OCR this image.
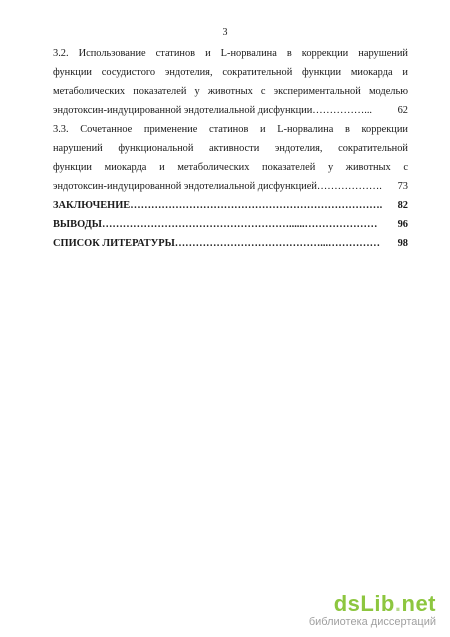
3
3.2. Использование статинов и L-норвалина в коррекции нарушений
функции сосудистого эндотелия, сократительной функции миокарда и
метаболических показателей у животных с экспериментальной моделью
эндотоксин-индуцированной эндотелиальной дисфункции……………...	62
3.3. Сочетанное применение статинов и L-норвалина в коррекции
нарушений функциональной активности эндотелия, сократительной
функции миокарда и метаболических показателей у животных с
эндотоксин-индуцированной эндотелиальной дисфункцией……………….	73
ЗАКЛЮЧЕНИЕ……………………………………………………………….	82
ВЫВОДЫ………………………………………………......…………………	96
СПИСОК ЛИТЕРАТУРЫ……………………………………...……………	98
dsLib.net
библиотека диссертаций
